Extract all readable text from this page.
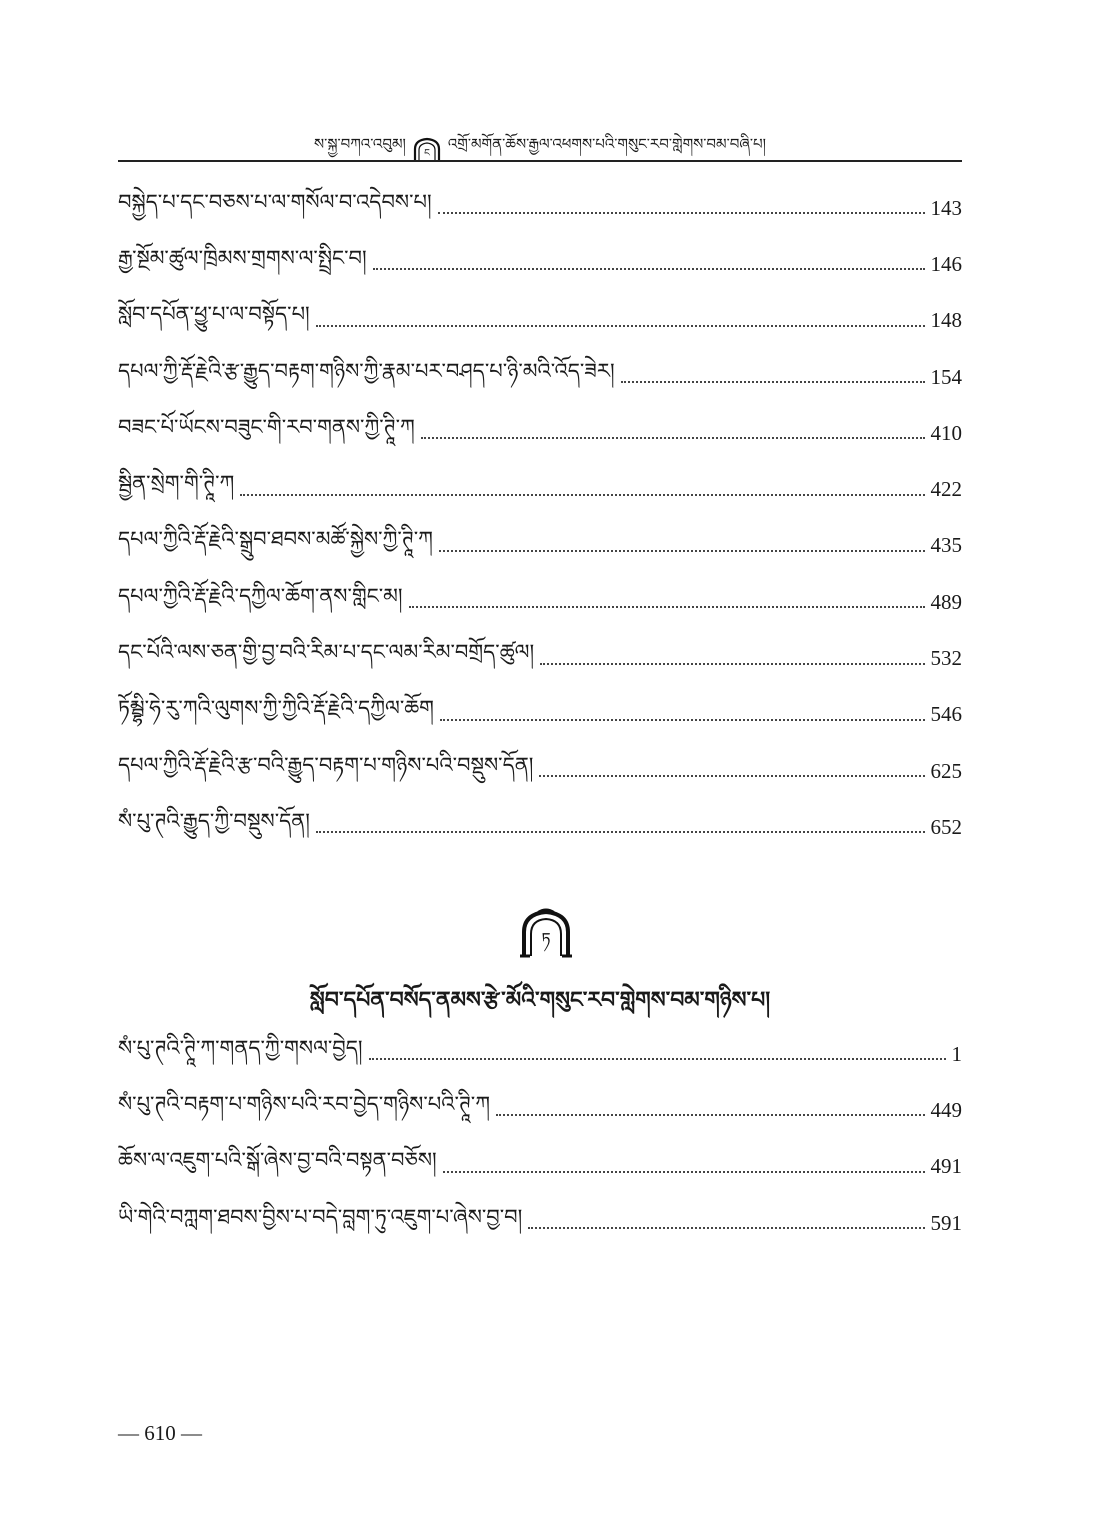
ས་སྐྱ་བཀའ་འབུམ།
ང
འགྲོ་མགོན་ཆོས་རྒྱལ་འཕགས་པའི་གསུང་རབ་གླེགས་བམ་བཞི་པ།
བསྐྱེད་པ་དང་བཅས་པ་ལ་གསོལ་བ་འདེབས་པ།	143
རྒྱ་སྔོམ་ཚུལ་ཁྲིམས་གྲགས་ལ་སྤྲིང་བ།	146
སློབ་དཔོན་ཕྱུ་པ་ལ་བསྟོད་པ།	148
དཔལ་ཀྱི་རྡོ་རྗེའི་རྩ་རྒྱུད་བརྟག་གཉིས་ཀྱི་རྣམ་པར་བཤད་པ་ཉི་མའི་འོད་ཟེར།	154
བཟང་པོ་ཡོངས་བཟུང་གི་རབ་གནས་ཀྱི་ཊཱི་ཀ	410
སྦྱིན་སྲེག་གི་ཊཱི་ཀ	422
དཔལ་ཀྱིའི་རྡོ་རྗེའི་སྒྲུབ་ཐབས་མཚོ་སྐྱེས་ཀྱི་ཊཱི་ཀ	435
དཔལ་ཀྱིའི་རྡོ་རྗེའི་དཀྱིལ་ཆོག་ནས་གླིང་མ།	489
དང་པོའི་ལས་ཅན་གྱི་བྱ་བའི་རིམ་པ་དང་ལམ་རིམ་བགྲོད་ཚུལ།	532
ཏོམྦྷི་ཧེ་རུ་ཀའི་ལུགས་ཀྱི་ཀྱིའི་རྡོ་རྗེའི་དཀྱིལ་ཆོག	546
དཔལ་ཀྱིའི་རྡོ་རྗེའི་རྩ་བའི་རྒྱུད་བརྟག་པ་གཉིས་པའི་བསྡུས་དོན།	625
སཾ་པུ་ཊའི་རྒྱུད་ཀྱི་བསྡུས་དོན།	652
ཏ
སློབ་དཔོན་བསོད་ནམས་རྩེ་མོའི་གསུང་རབ་གླེགས་བམ་གཉིས་པ།
སཾ་པུ་ཊའི་ཊཱི་ཀ་གནད་ཀྱི་གསལ་བྱེད།	1
སཾ་པུ་ཊའི་བརྟག་པ་གཉིས་པའི་རབ་བྱེད་གཉིས་པའི་ཊཱི་ཀ	449
ཆོས་ལ་འཇུག་པའི་སྒོ་ཞེས་བྱ་བའི་བསྟན་བཅོས།	491
ཡི་གེའི་བཀླག་ཐབས་བྱིས་པ་བདེ་བླག་ཏུ་འཇུག་པ་ཞེས་བྱ་བ།	591
— 610 —
